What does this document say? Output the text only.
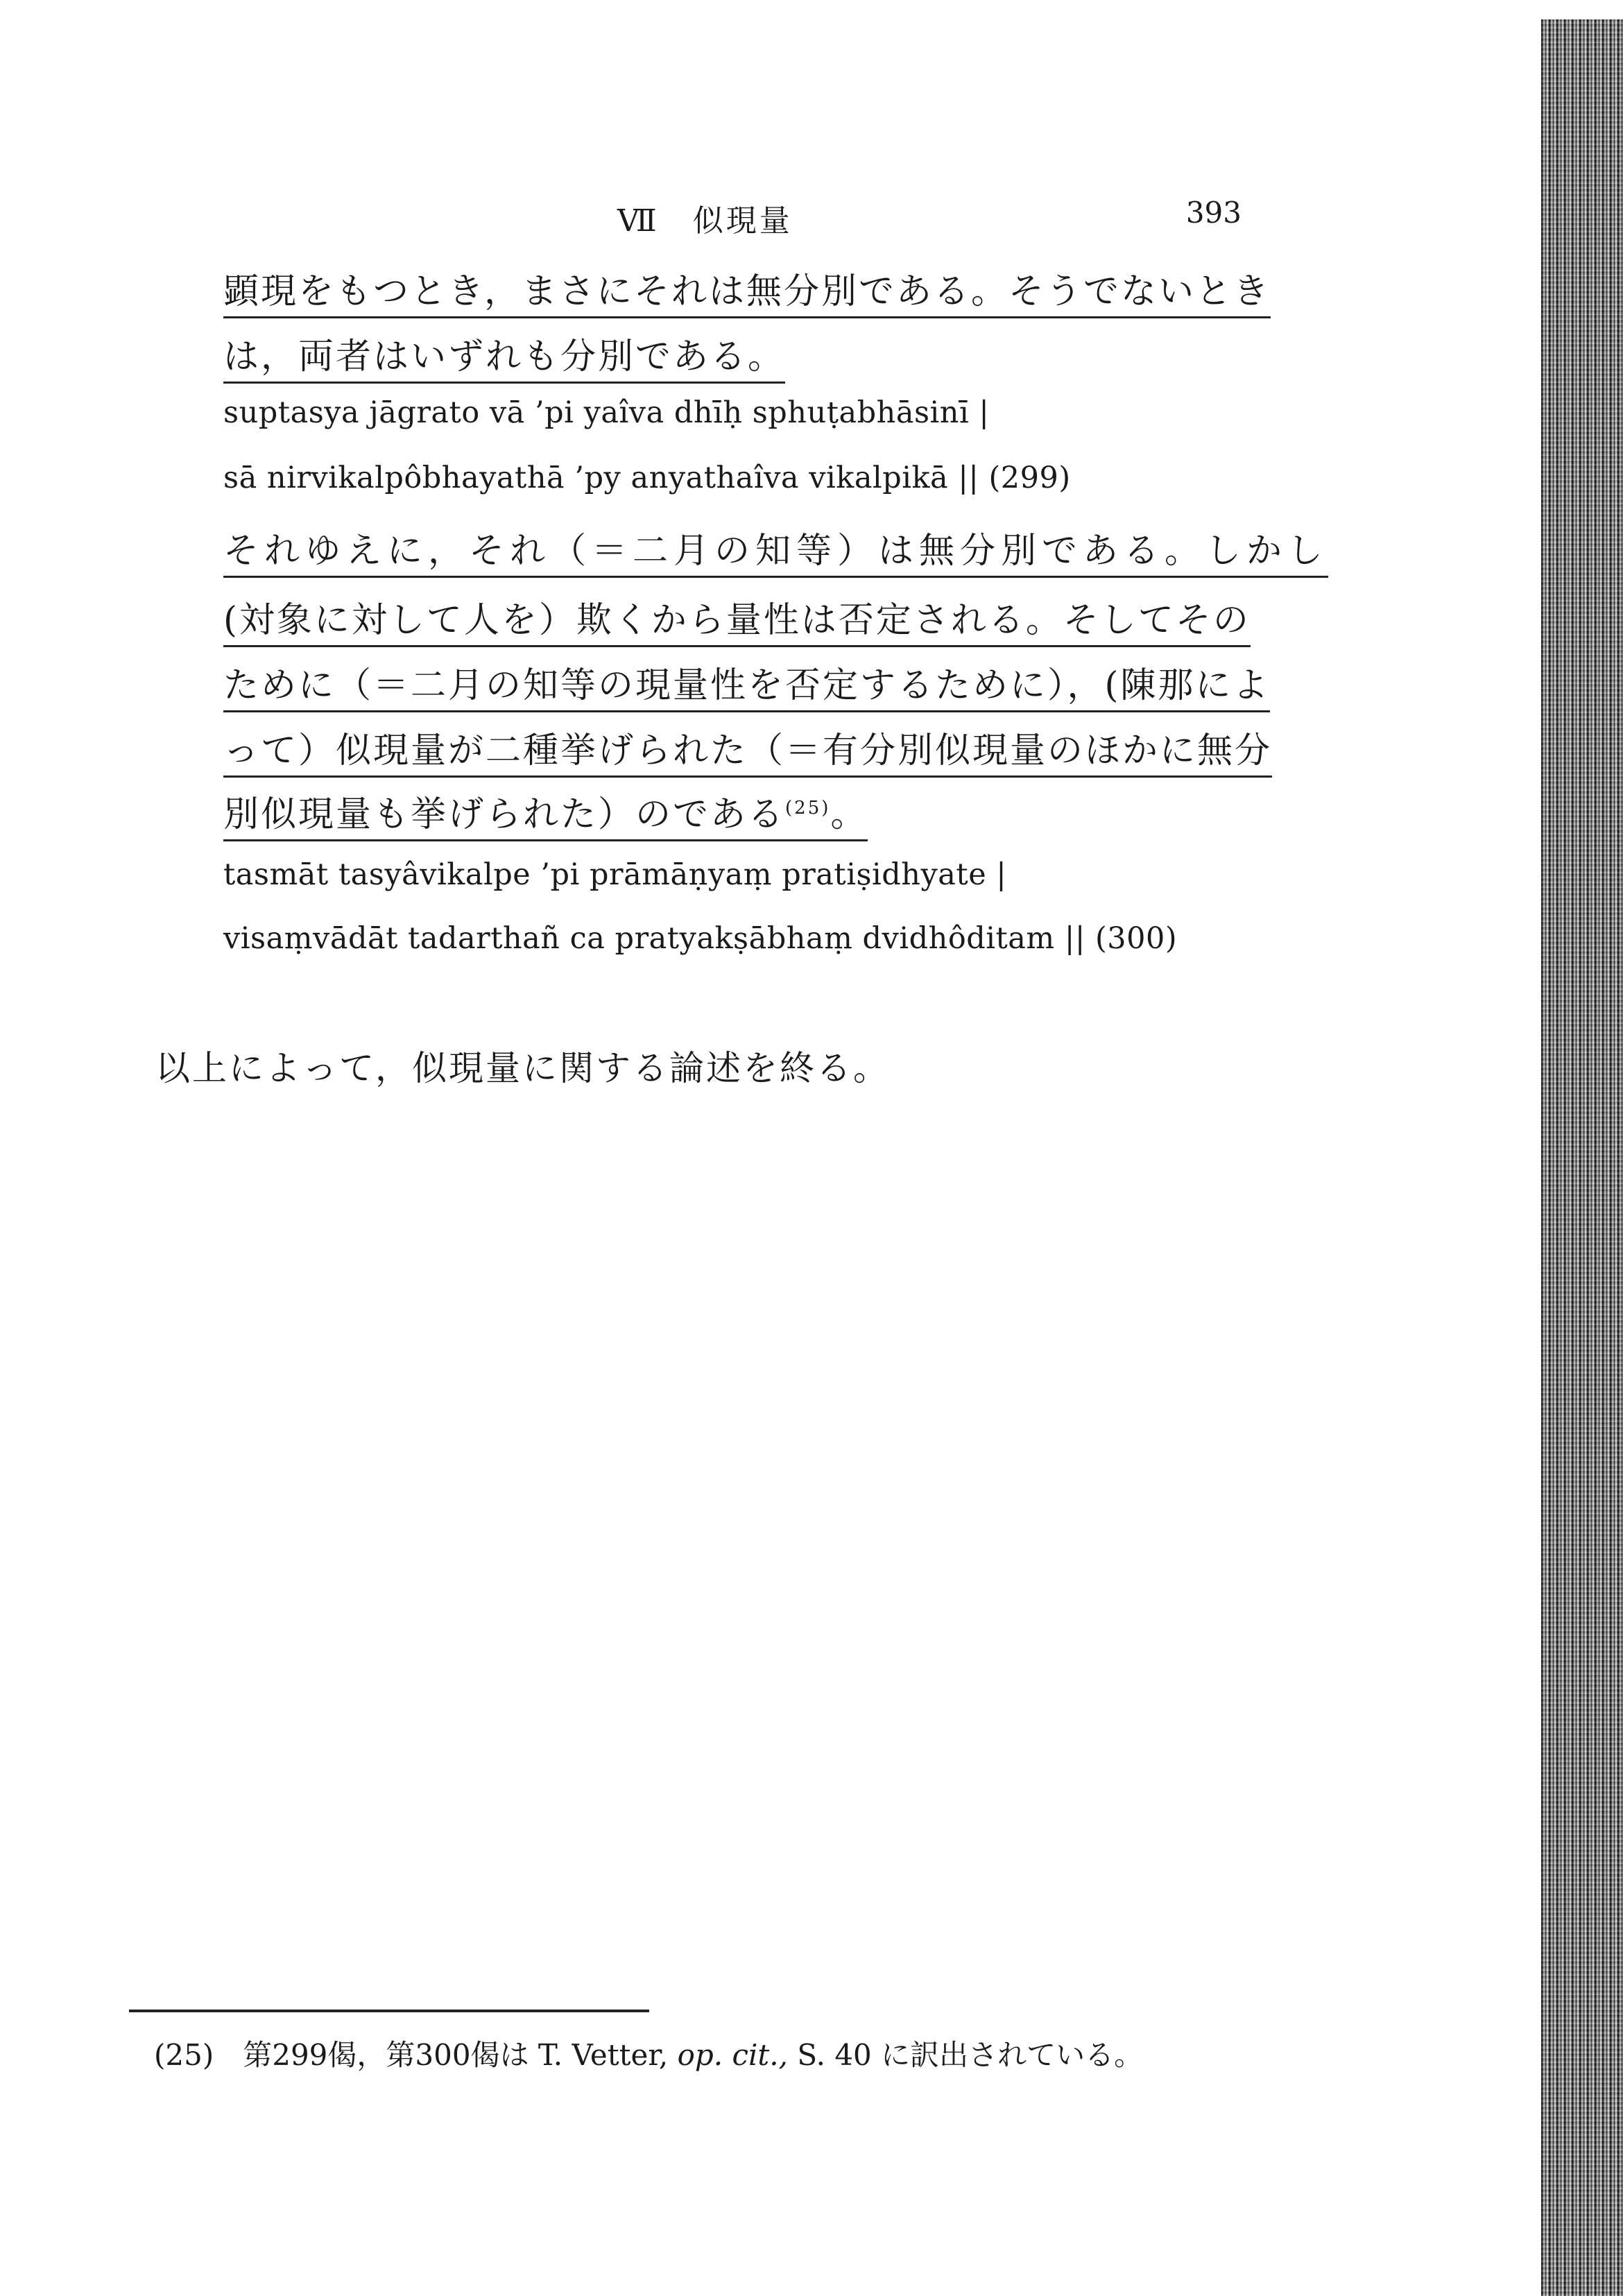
Ⅶ　似現量	393
顕現をもつとき，まさにそれは無分別である。そうでないとき
は，両者はいずれも分別である。
suptasya jāgrato vā ’pi yaîva dhīḥ sphuṭabhāsinī |
sā nirvikalpôbhayathā ’py anyathaîva vikalpikā || (299)
それゆえに，それ（＝二月の知等）は無分別である。しかし
(対象に対して人を）欺くから量性は否定される。そしてその
ために（＝二月の知等の現量性を否定するために），(陳那によ
って）似現量が二種挙げられた（＝有分別似現量のほかに無分
別似現量も挙げられた）のである$^{(25)}$。
tasmāt tasyâvikalpe ’pi prāmāṇyaṃ pratiṣidhyate |
visaṃvādāt tadarthañ ca pratyakṣābhaṃ dvidhôditam || (300)
以上によって，似現量に関する論述を終る。
(25)　 第299偈，第300偈は T. Vetter, op. cit., S. 40 に訳出されている。
